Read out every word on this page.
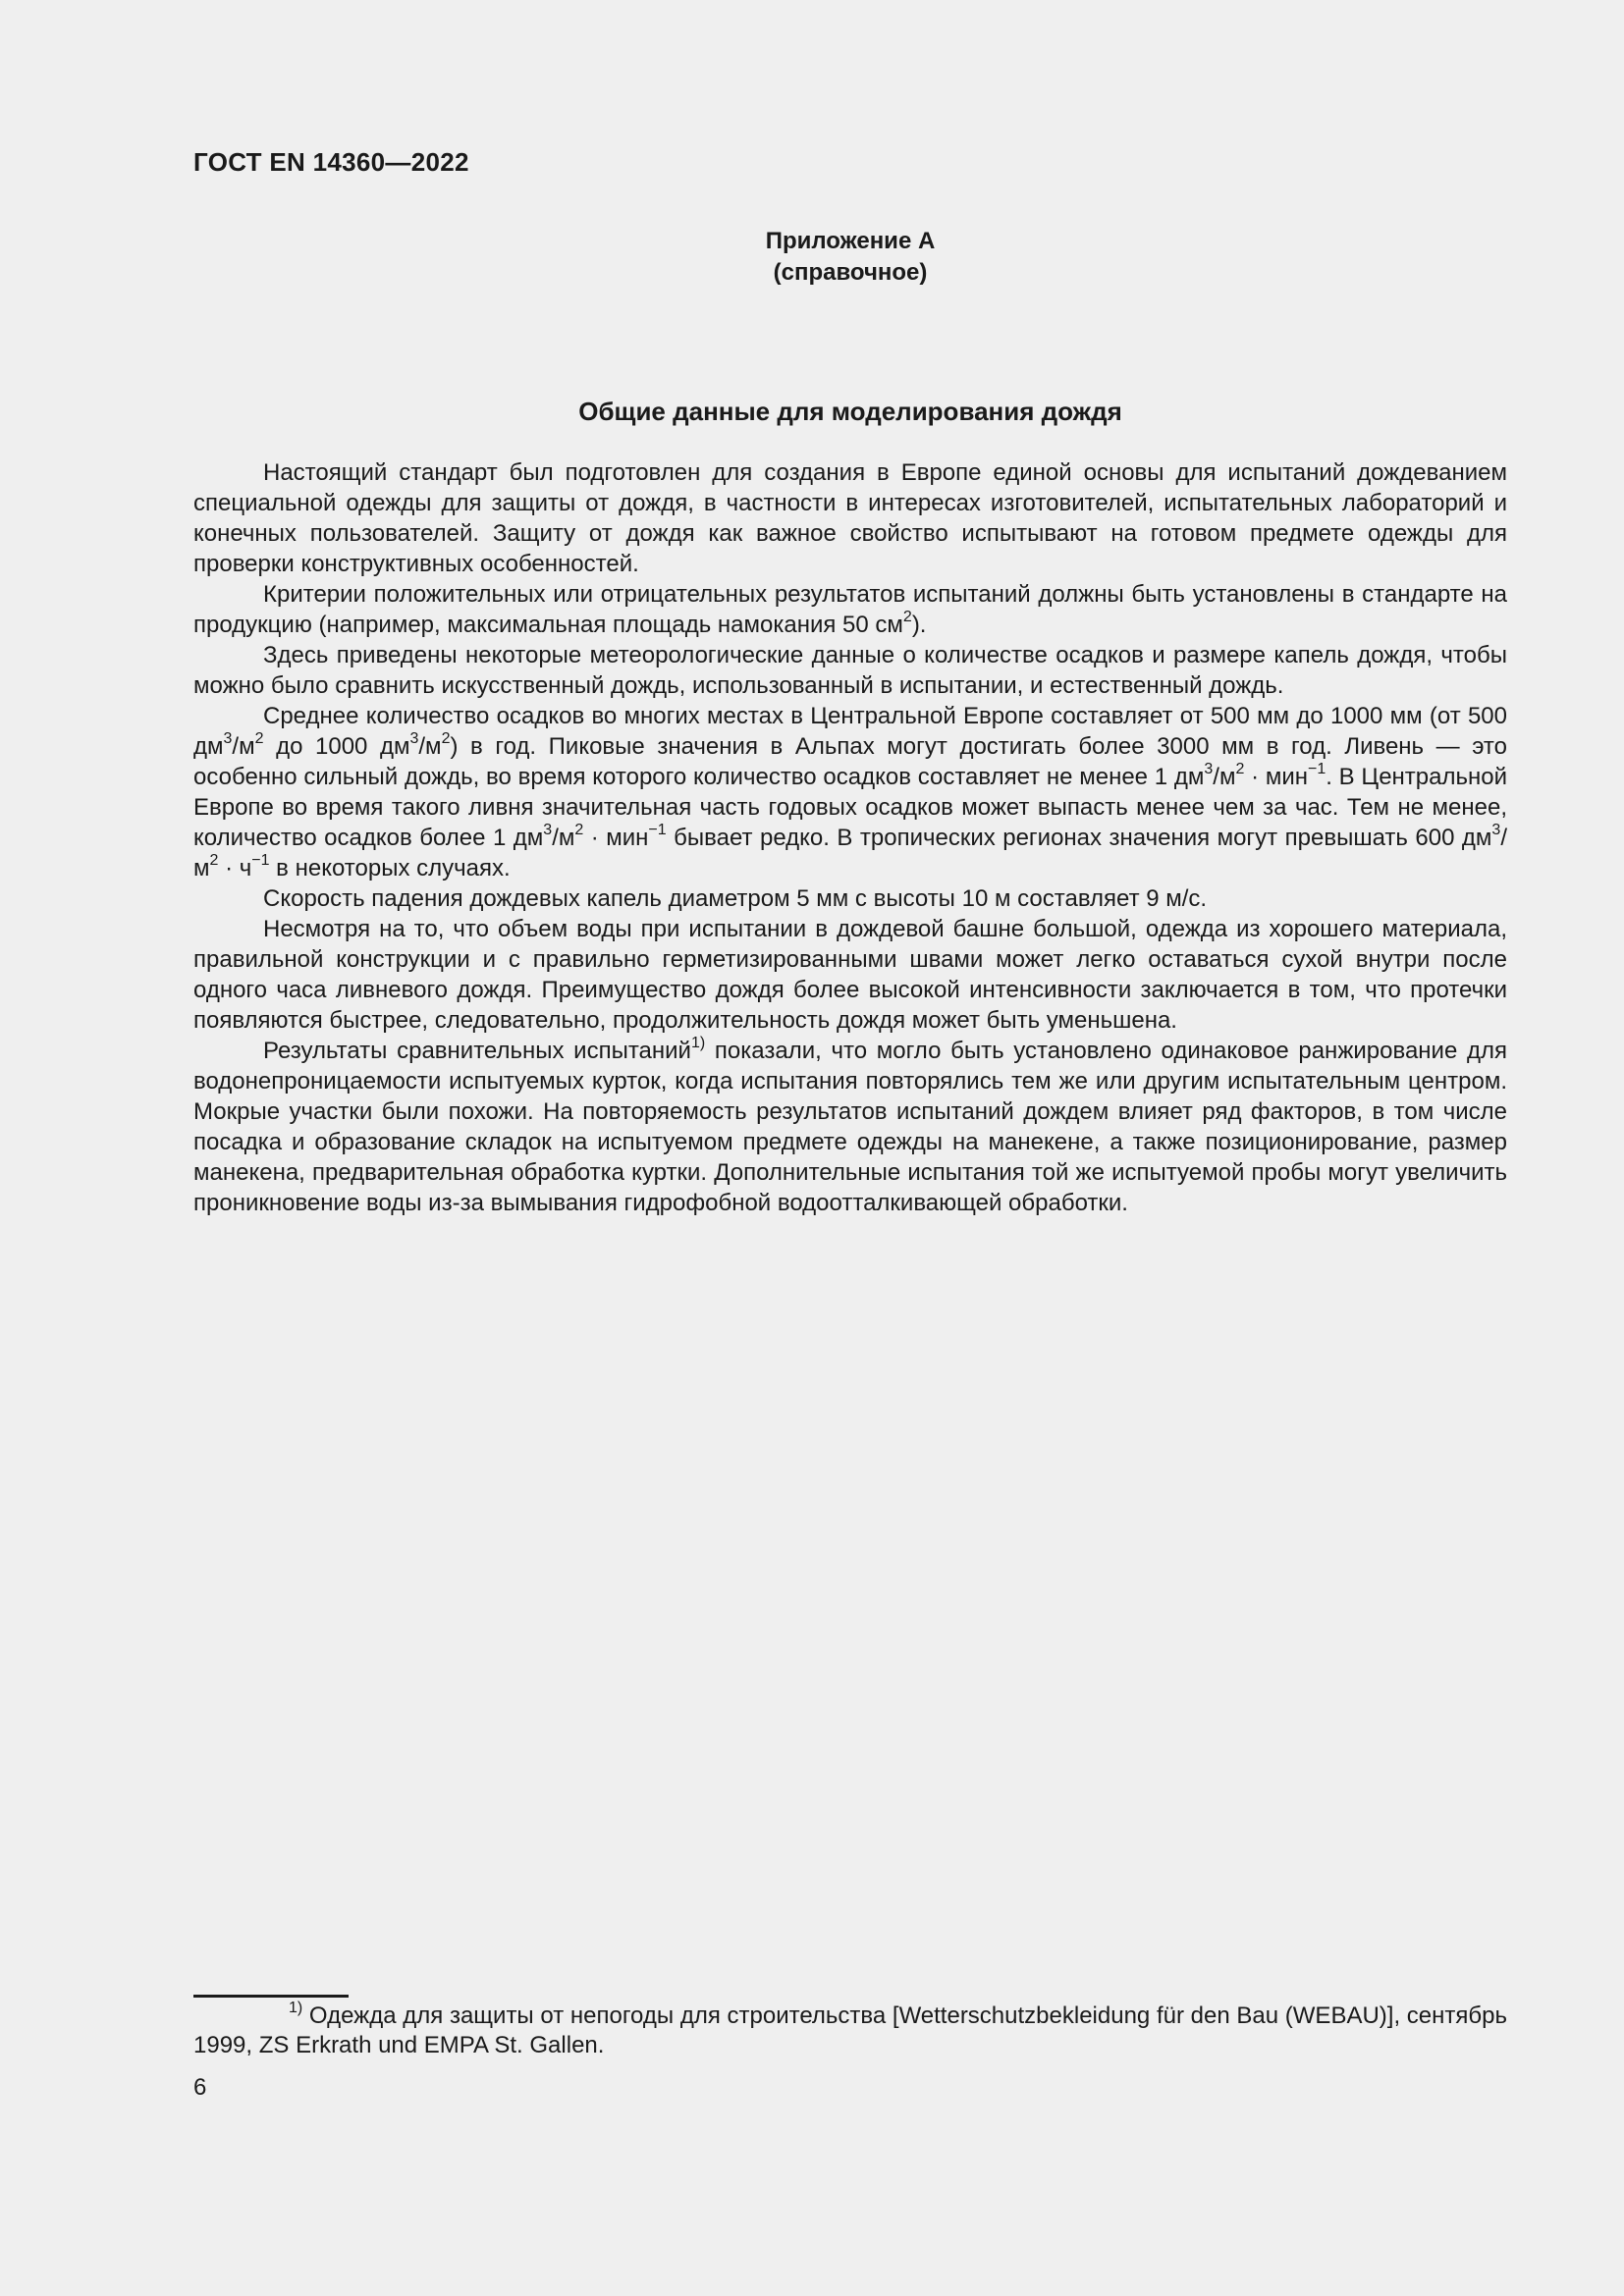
ГОСТ EN 14360—2022
Приложение А
(справочное)
Общие данные для моделирования дождя

Настоящий стандарт был подготовлен для создания в Европе единой основы для испытаний дождеванием специальной одежды для защиты от дождя, в частности в интересах изготовителей, испытательных лабораторий и конечных пользователей. Защиту от дождя как важное свойство испытывают на готовом предмете одежды для проверки конструктивных особенностей.

Критерии положительных или отрицательных результатов испытаний должны быть установлены в стандарте на продукцию (например, максимальная площадь намокания 50 $см^2$).

Здесь приведены некоторые метеорологические данные о количестве осадков и размере капель дождя, чтобы можно было сравнить искусственный дождь, использованный в испытании, и естественный дождь.

Среднее количество осадков во многих местах в Центральной Европе составляет от 500 мм до 1000 мм (от 500 $дм^3/м^2$ до 1000 $дм^3/м^2$) в год. Пиковые значения в Альпах могут достигать более 3000 мм в год. Ливень — это особенно сильный дождь, во время которого количество осадков составляет не менее 1 $дм^3/м^2 \cdot мин^{-1}$. В Центральной Европе во время такого ливня значительная часть годовых осадков может выпасть менее чем за час. Тем не менее, количество осадков более 1 $дм^3/м^2 \cdot мин^{-1}$ бывает редко. В тропических регионах значения могут превышать 600 $дм^3/м^2 \cdot ч^{-1}$ в некоторых случаях.

Скорость падения дождевых капель диаметром 5 мм с высоты 10 м составляет 9 м/с.

Несмотря на то, что объем воды при испытании в дождевой башне большой, одежда из хорошего материала, правильной конструкции и с правильно герметизированными швами может легко оставаться сухой внутри после одного часа ливневого дождя. Преимущество дождя более высокой интенсивности заключается в том, что протечки появляются быстрее, следовательно, продолжительность дождя может быть уменьшена.

Результаты сравнительных испытаний$^{1)}$ показали, что могло быть установлено одинаковое ранжирование для водонепроницаемости испытуемых курток, когда испытания повторялись тем же или другим испытательным центром. Мокрые участки были похожи. На повторяемость результатов испытаний дождем влияет ряд факторов, в том числе посадка и образование складок на испытуемом предмете одежды на манекене, а также позиционирование, размер манекена, предварительная обработка куртки. Дополнительные испытания той же испытуемой пробы могут увеличить проникновение воды из-за вымывания гидрофобной водоотталкивающей обработки.

$^{1)}$ Одежда для защиты от непогоды для строительства [Wetterschutzbekleidung für den Bau (WEBAU)], сентябрь 1999, ZS Erkrath und EMPA St. Gallen.

6
